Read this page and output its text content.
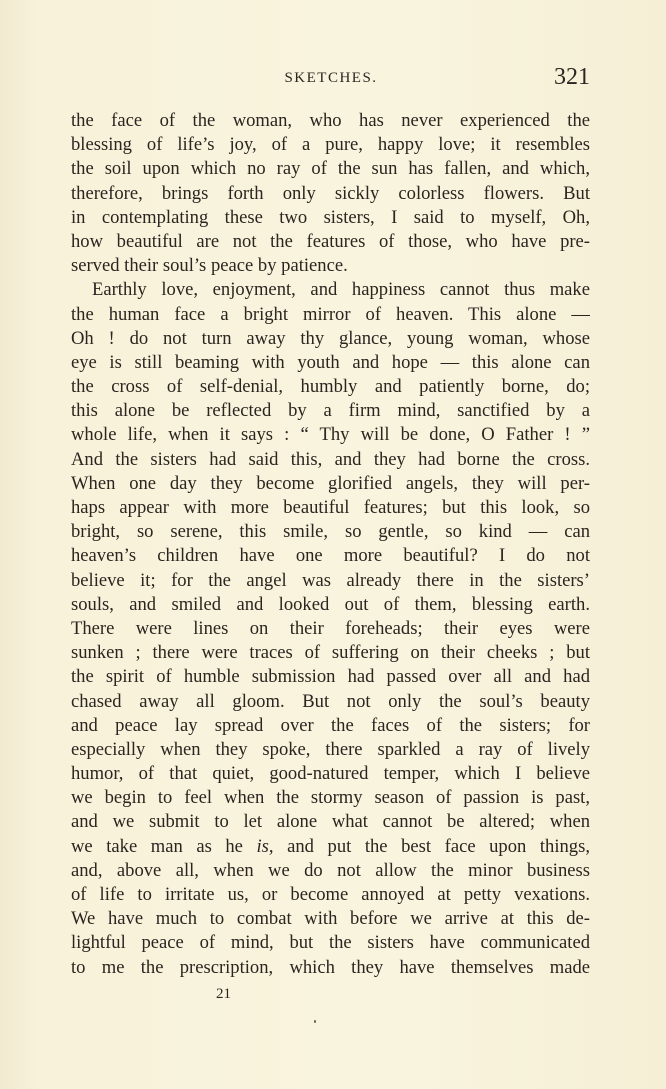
SKETCHES.	321
the face of the woman, who has never experienced the
blessing of life’s joy, of a pure, happy love; it resembles
the soil upon which no ray of the sun has fallen, and which,
therefore, brings forth only sickly colorless flowers. But
in contemplating these two sisters, I said to myself, Oh,
how beautiful are not the features of those, who have pre-
served their soul’s peace by patience.
Earthly love, enjoyment, and happiness cannot thus make
the human face a bright mirror of heaven. This alone —
Oh ! do not turn away thy glance, young woman, whose
eye is still beaming with youth and hope — this alone can
the cross of self-denial, humbly and patiently borne, do;
this alone be reflected by a firm mind, sanctified by a
whole life, when it says : “ Thy will be done, O Father ! ”
And the sisters had said this, and they had borne the cross.
When one day they become glorified angels, they will per-
haps appear with more beautiful features; but this look, so
bright, so serene, this smile, so gentle, so kind — can
heaven’s children have one more beautiful? I do not
believe it; for the angel was already there in the sisters’
souls, and smiled and looked out of them, blessing earth.
There were lines on their foreheads; their eyes were
sunken ; there were traces of suffering on their cheeks ; but
the spirit of humble submission had passed over all and had
chased away all gloom. But not only the soul’s beauty
and peace lay spread over the faces of the sisters; for
especially when they spoke, there sparkled a ray of lively
humor, of that quiet, good-natured temper, which I believe
we begin to feel when the stormy season of passion is past,
and we submit to let alone what cannot be altered; when
we take man as he is, and put the best face upon things,
and, above all, when we do not allow the minor business
of life to irritate us, or become annoyed at petty vexations.
We have much to combat with before we arrive at this de-
lightful peace of mind, but the sisters have communicated
to me the prescription, which they have themselves made
21
